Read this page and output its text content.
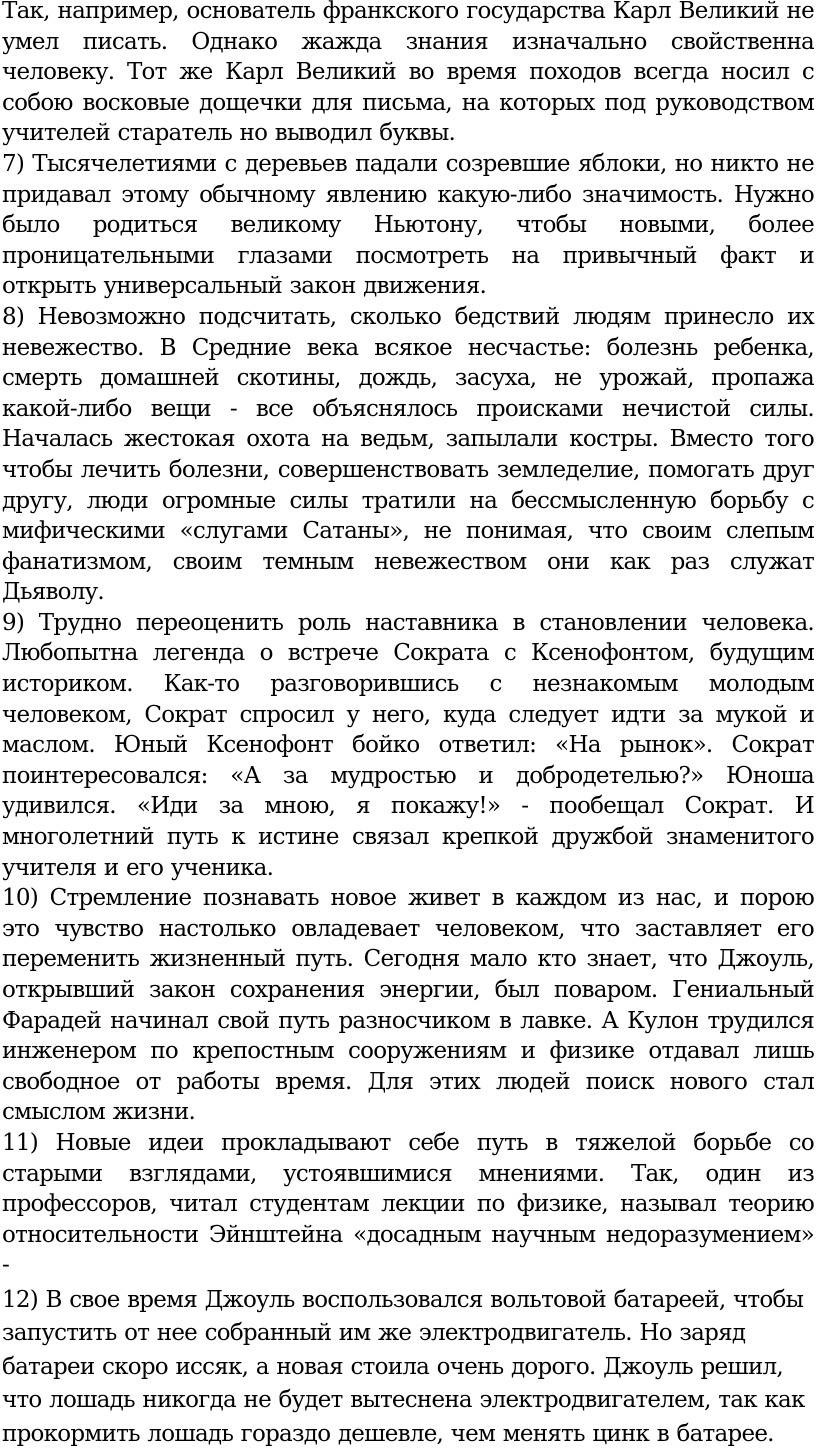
Так, например, основатель франкского государства Карл Великий не умел писать. Однако жажда знания изначально свойственна человеку. Тот же Карл Великий во время походов всегда носил с собою восковые дощечки для письма, на которых под руководством учителей старатель но выводил буквы.

7) Тысячелетиями с деревьев падали созревшие яблоки, но никто не придавал этому обычному явлению какую-либо значимость. Нужно было родиться великому Ньютону, чтобы новыми, более проницательными глазами посмотреть на привычный факт и открыть универсальный закон движения.

8) Невозможно подсчитать, сколько бедствий людям принесло их невежество. В Средние века всякое несчастье: болезнь ребенка, смерть домашней скотины, дождь, засуха, не урожай, пропажа какой-либо вещи - все объяснялось происками нечистой силы. Началась жестокая охота на ведьм, запылали костры. Вместо того чтобы лечить болезни, совершенствовать земледелие, помогать друг другу, люди огромные силы тратили на бессмысленную борьбу с мифическими «слугами Сатаны», не понимая, что своим слепым фанатизмом, своим темным невежеством они как раз служат Дьяволу.

9) Трудно переоценить роль наставника в становлении человека. Любопытна легенда о встрече Сократа с Ксенофонтом, будущим историком. Как-то разговорившись с незнакомым молодым человеком, Сократ спросил у него, куда следует идти за мукой и маслом. Юный Ксенофонт бойко ответил: «На рынок». Сократ поинтересовался: «А за мудростью и добродетелью?» Юноша удивился. «Иди за мною, я покажу!» - пообещал Сократ. И многолетний путь к истине связал крепкой дружбой знаменитого учителя и его ученика.

10) Стремление познавать новое живет в каждом из нас, и порою это чувство настолько овладевает человеком, что заставляет его переменить жизненный путь. Сегодня мало кто знает, что Джоуль, открывший закон сохранения энергии, был поваром. Гениальный Фарадей начинал свой путь разносчиком в лавке. А Кулон трудился инженером по крепостным сооружениям и физике отдавал лишь свободное от работы время. Для этих людей поиск нового стал смыслом жизни.

11) Новые идеи прокладывают себе путь в тяжелой борьбе со старыми взглядами, устоявшимися мнениями. Так, один из профессоров, читал студентам лекции по физике, называл теорию относительности Эйнштейна «досадным научным недоразумением» -

12) В свое время Джоуль воспользовался вольтовой батареей, чтобы запустить от нее собранный им же электродвигатель. Но заряд батареи скоро иссяк, а новая стоила очень дорого. Джоуль решил, что лошадь никогда не будет вытеснена электродвигателем, так как прокормить лошадь гораздо дешевле, чем менять цинк в батарее.
